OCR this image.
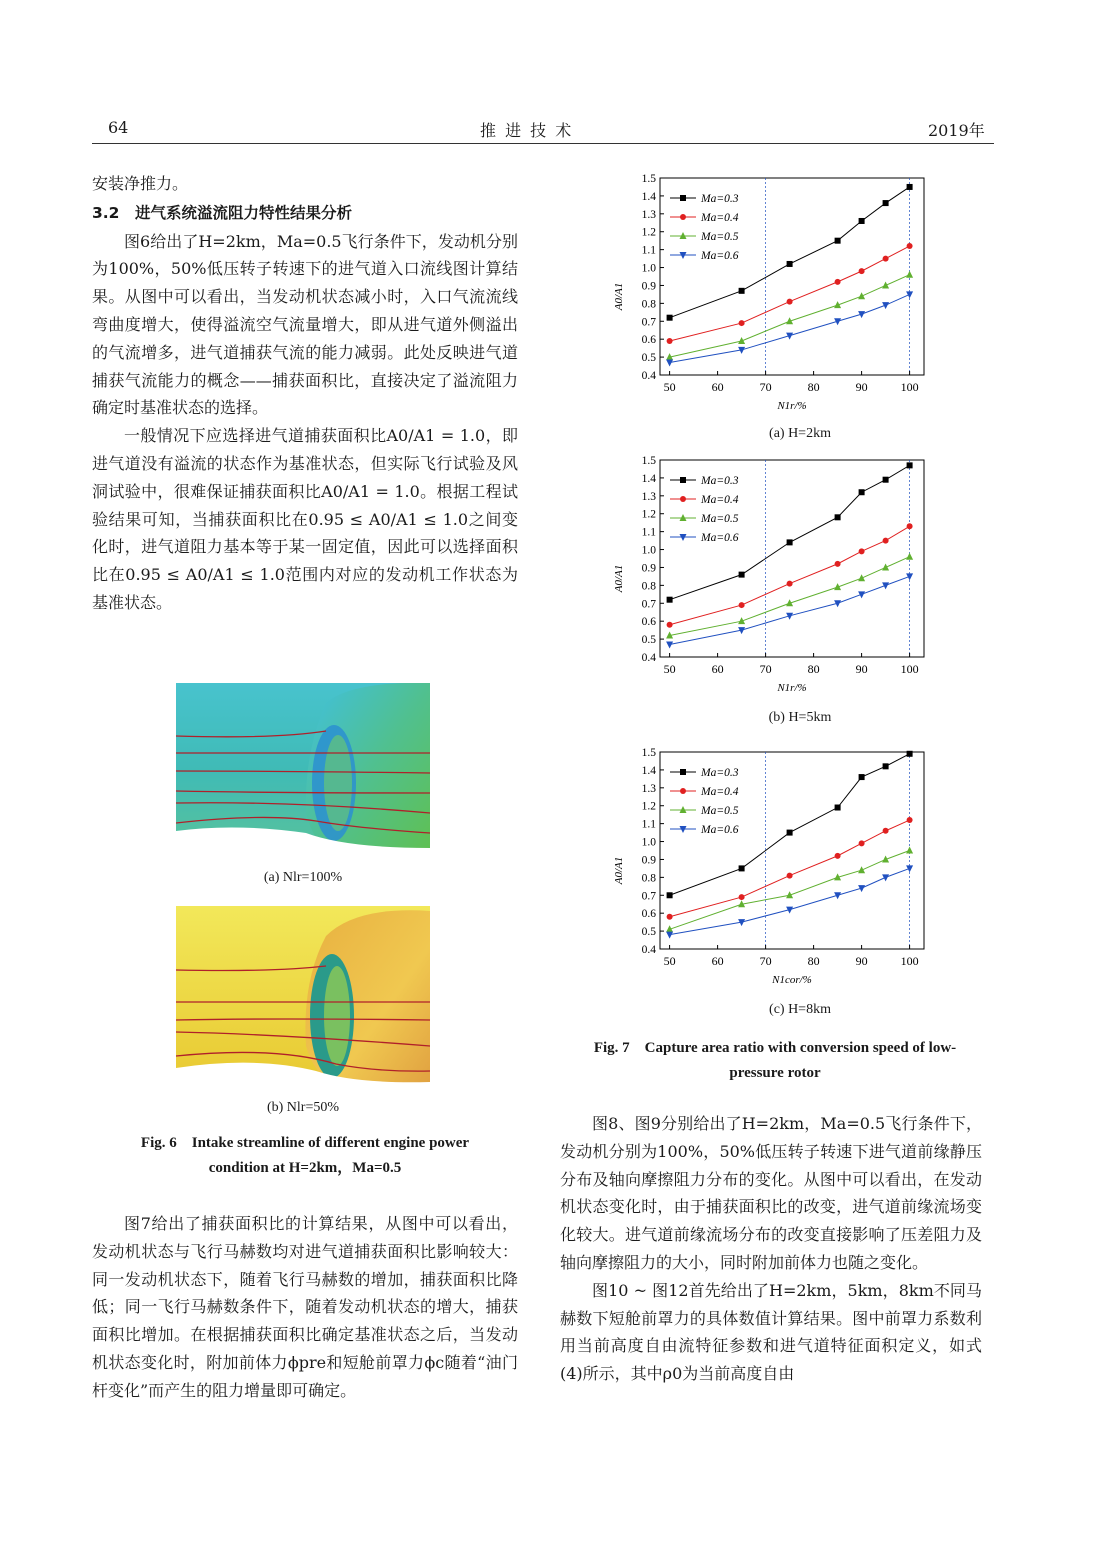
64	推 进 技 术	2019年

安装净推力。

3.2　进气系统溢流阻力特性结果分析

图6给出了H=2km，Ma=0.5飞行条件下，发动机分别为100%，50%低压转子转速下的进气道入口流线图计算结果。从图中可以看出，当发动机状态减小时，入口气流流线弯曲度增大，使得溢流空气流量增大，即从进气道外侧溢出的气流增多，进气道捕获气流的能力减弱。此处反映进气道捕获气流能力的概念——捕获面积比，直接决定了溢流阻力确定时基准状态的选择。

一般情况下应选择进气道捕获面积比A0/A1 = 1.0，即进气道没有溢流的状态作为基准状态，但实际飞行试验及风洞试验中，很难保证捕获面积比A0/A1 = 1.0。根据工程试验结果可知，当捕获面积比在0.95 ≤ A0/A1 ≤ 1.0之间变化时，进气道阻力基本等于某一固定值，因此可以选择面积比在0.95 ≤ A0/A1 ≤ 1.0范围内对应的发动机工作状态为基准状态。

(a) Nlr=100%
(b) Nlr=50%
Fig. 6　Intake streamline of different engine power
condition at H=2km，Ma=0.5

图7给出了捕获面积比的计算结果，从图中可以看出，发动机状态与飞行马赫数均对进气道捕获面积比影响较大：同一发动机状态下，随着飞行马赫数的增加，捕获面积比降低；同一飞行马赫数条件下，随着发动机状态的增大，捕获面积比增加。在根据捕获面积比确定基准状态之后，当发动机状态变化时，附加前体力ϕpre和短舱前罩力ϕc随着“油门杆变化”而产生的阻力增量即可确定。

50	60	70	80	90	100
0.4
0.5
0.6
0.7
0.8
0.9
1.0
1.1
1.2
1.3
1.4
1.5
N1r/%
A0/A1
Ma=0.3
Ma=0.4
Ma=0.5
Ma=0.6
(a) H=2km
50	60	70	80	90	100
0.4
0.5
0.6
0.7
0.8
0.9
1.0
1.1
1.2
1.3
1.4
1.5
N1r/%
A0/A1
Ma=0.3
Ma=0.4
Ma=0.5
Ma=0.6
(b) H=5km
50	60	70	80	90	100
0.4
0.5
0.6
0.7
0.8
0.9
1.0
1.1
1.2
1.3
1.4
1.5
N1cor/%
A0/A1
Ma=0.3
Ma=0.4
Ma=0.5
Ma=0.6
(c) H=8km
Fig. 7　Capture area ratio with conversion speed of low-
pressure rotor

图8、图9分别给出了H=2km，Ma=0.5飞行条件下，发动机分别为100%，50%低压转子转速下进气道前缘静压分布及轴向摩擦阻力分布的变化。从图中可以看出，在发动机状态变化时，由于捕获面积比的改变，进气道前缘流场变化较大。进气道前缘流场分布的改变直接影响了压差阻力及轴向摩擦阻力的大小，同时附加前体力也随之变化。

图10 ~ 图12首先给出了H=2km，5km，8km不同马赫数下短舱前罩力的具体数值计算结果。图中前罩力系数利用当前高度自由流特征参数和进气道特征面积定义，如式(4)所示，其中ρ0为当前高度自由
